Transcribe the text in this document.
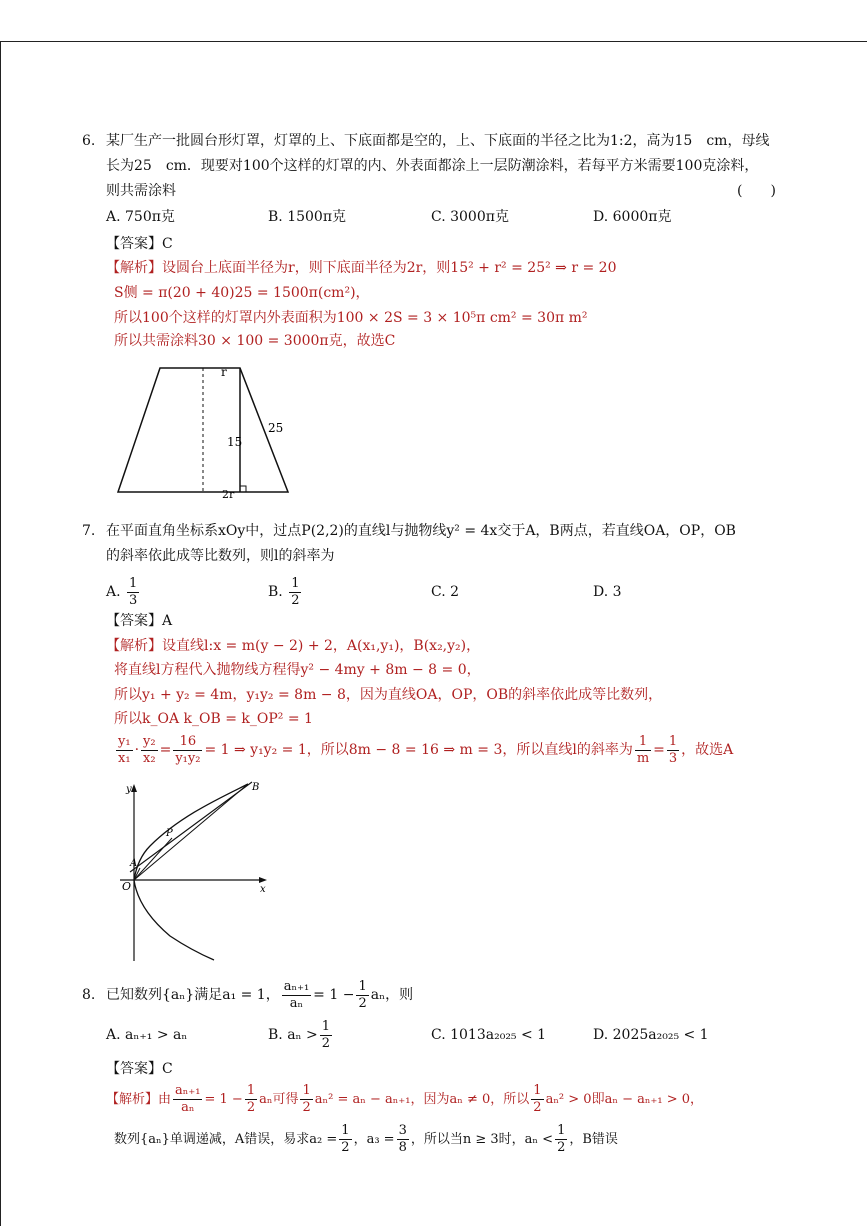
6. 某厂生产一批圆台形灯罩，灯罩的上、下底面都是空的，上、下底面的半径之比为1:2，高为15　cm，母线
长为25　cm．现要对100个这样的灯罩的内、外表面都涂上一层防潮涂料，若每平方米需要100克涂料，
则共需涂料	(　　)
A. 750π克	B. 1500π克	C. 3000π克	D. 6000π克
【答案】C
【解析】设圆台上底面半径为r，则下底面半径为2r，则15² + r² = 25² ⇒ r = 20
S侧 = π(20 + 40)25 = 1500π(cm²)，
所以100个这样的灯罩内外表面积为100 × 2S = 3 × 10⁵π cm² = 30π m²
所以共需涂料30 × 100 = 3000π克，故选C
r
15
25
2r
7. 在平面直角坐标系xOy中，过点P(2,2)的直线l与抛物线y² = 4x交于A，B两点，若直线OA，OP，OB
的斜率依此成等比数列，则l的斜率为
A. $\frac{1}{3}$	B. $\frac{1}{2}$	C. 2	D. 3
【答案】A
【解析】设直线l:x = m(y − 2) + 2，A(x₁,y₁)，B(x₂,y₂)，
将直线l方程代入抛物线方程得y² − 4my + 8m − 8 = 0，
所以y₁ + y₂ = 4m，y₁y₂ = 8m − 8，因为直线OA，OP，OB的斜率依此成等比数列，
所以k_OA k_OB = k_OP² = 1
$\frac{\text{y₁}}{\text{x₁}} \cdot \frac{\text{y₂}}{\text{x₂}} = \frac{16}{\text{y₁y₂}} = 1$ ⇒ y₁y₂ = 1，所以8m − 8 = 16 ⇒ m = 3，所以直线l的斜率为 $\frac{1}{m} = \frac{1}{3}$ ，故选A
y
x
O
A
P
B
8. 已知数列{aₙ}满足a₁ = 1， $\frac{\text{aₙ₊₁}}{\text{aₙ}} = 1 - \frac{1}{2}$ aₙ，则
A. aₙ₊₁ > aₙ	B. $a_n > \frac{1}{2}$	C. 1013a₂₀₂₅ < 1	D. 2025a₂₀₂₅ < 1
【答案】C
【解析】由 $\frac{\text{aₙ₊₁}}{\text{aₙ}} = 1 - \frac{1}{2}$ aₙ可得 $\frac{1}{2} a_n^2 = a_n - a_{n+1}$，因为aₙ ≠ 0，所以 $\frac{1}{2} a_n^2 > 0$即aₙ − aₙ₊₁ > 0，
数列{aₙ}单调递减，A错误，易求$a_2 = \frac{1}{2}$ ，$a_3 = \frac{3}{8}$ ，所以当n ≥ 3时，$a_n < \frac{1}{2}$ ，B错误
